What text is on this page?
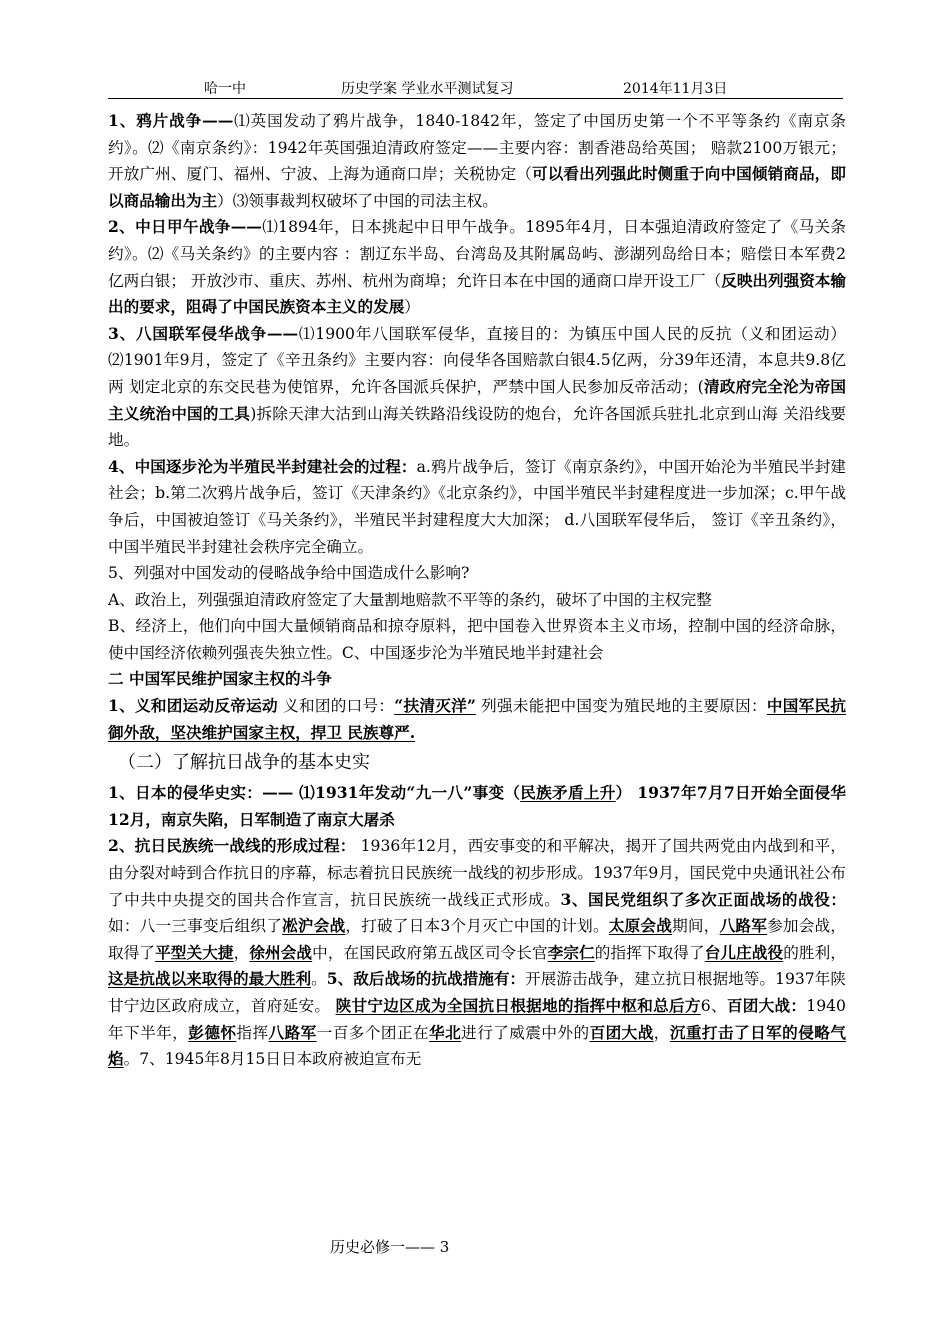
哈一中	历史学案 学业水平测试复习	2014年11月3日

1、鸦片战争——⑴英国发动了鸦片战争，1840-1842年，签定了中国历史第一个不平等条约《南京条约》。⑵《南京条约》：1942年英国强迫清政府签定——主要内容：割香港岛给英国； 赔款2100万银元；开放广州、厦门、福州、宁波、上海为通商口岸；关税协定（可以看出列强此时侧重于向中国倾销商品，即以商品输出为主）⑶领事裁判权破坏了中国的司法主权。

2、中日甲午战争——⑴1894年，日本挑起中日甲午战争。1895年4月，日本强迫清政府签定了《马关条约》。⑵《马关条约》的主要内容 ：割辽东半岛、台湾岛及其附属岛屿、澎湖列岛给日本；赔偿日本军费2亿两白银； 开放沙市、重庆、苏州、杭州为商埠；允许日本在中国的通商口岸开设工厂（反映出列强资本输出的要求，阻碍了中国民族资本主义的发展）

3、八国联军侵华战争——⑴1900年八国联军侵华，直接目的：为镇压中国人民的反抗（义和团运动）⑵1901年9月，签定了《辛丑条约》主要内容：向侵华各国赔款白银4.5亿两，分39年还清，本息共9.8亿两 划定北京的东交民巷为使馆界，允许各国派兵保护，严禁中国人民参加反帝活动；(清政府完全沦为帝国主义统治中国的工具)拆除天津大沽到山海关铁路沿线设防的炮台，允许各国派兵驻扎北京到山海 关沿线要地。

4、中国逐步沦为半殖民半封建社会的过程：a.鸦片战争后，签订《南京条约》，中国开始沦为半殖民半封建社会；b.第二次鸦片战争后，签订《天津条约》《北京条约》，中国半殖民半封建程度进一步加深；c.甲午战争后，中国被迫签订《马关条约》，半殖民半封建程度大大加深； d.八国联军侵华后， 签订《辛丑条约》， 中国半殖民半封建社会秩序完全确立。

5、列强对中国发动的侵略战争给中国造成什么影响?

A、政治上，列强强迫清政府签定了大量割地赔款不平等的条约，破坏了中国的主权完整

B、经济上，他们向中国大量倾销商品和掠夺原料，把中国卷入世界资本主义市场，控制中国的经济命脉，使中国经济依赖列强丧失独立性。C、中国逐步沦为半殖民地半封建社会

二 中国军民维护国家主权的斗争

1、义和团运动反帝运动 义和团的口号：“扶清灭洋” 列强未能把中国变为殖民地的主要原因：中国军民抗御外敌，坚决维护国家主权，捍卫 民族尊严.

（二）了解抗日战争的基本史实

1、日本的侵华史实：—— ⑴1931年发动“九一八”事变（民族矛盾上升） 1937年7月7日开始全面侵华 12月，南京失陷，日军制造了南京大屠杀

2、抗日民族统一战线的形成过程： 1936年12月，西安事变的和平解决，揭开了国共两党由内战到和平，由分裂对峙到合作抗日的序幕，标志着抗日民族统一战线的初步形成。1937年9月，国民党中央通讯社公布了中共中央提交的国共合作宣言，抗日民族统一战线正式形成。3、国民党组织了多次正面战场的战役：如：八一三事变后组织了凇沪会战，打破了日本3个月灭亡中国的计划。太原会战期间，八路军参加会战，取得了平型关大捷，徐州会战中，在国民政府第五战区司令长官李宗仁的指挥下取得了台儿庄战役的胜利，这是抗战以来取得的最大胜利。5、敌后战场的抗战措施有：开展游击战争，建立抗日根据地等。1937年陕甘宁边区政府成立，首府延安。 陕甘宁边区成为全国抗日根据地的指挥中枢和总后方6、百团大战：1940年下半年，彭德怀指挥八路军一百多个团正在华北进行了威震中外的百团大战，沉重打击了日军的侵略气焰。7、1945年8月15日日本政府被迫宣布无

历史必修一—— 3
